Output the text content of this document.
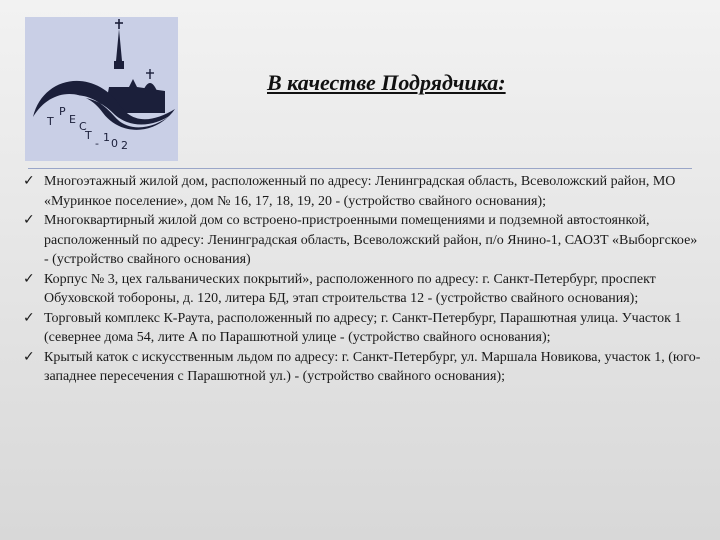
Т
Р
Е
С
Т
- 1 0 2
В качестве Подрядчика:
✓ Многоэтажный жилой дом, расположенный по адресу: Ленинградская область, Всеволожский район, МО «Муринкое поселение», дом № 16, 17, 18, 19, 20 - (устройство свайного основания);
✓ Многоквартирный жилой дом со встроено-пристроенными помещениями и подземной автостоянкой, расположенный по адресу: Ленинградская область, Всеволожский район, п/о Янино-1, САОЗТ «Выборгское» - (устройство свайного основания)
✓ Корпус № 3, цех гальванических покрытий», расположенного по адресу: г. Санкт-Петербург, проспект Обуховской тобороны, д. 120, литера БД, этап строительства 12 - (устройство свайного основания);
✓ Торговый комплекс К-Раута, расположенный по адресу; г. Санкт-Петербург, Парашютная улица. Участок 1 (севернее дома 54, лите А по Парашютной улице - (устройство свайного основания);
✓ Крытый каток с искусственным льдом по адресу: г. Санкт-Петербург, ул. Маршала Новикова, участок 1, (юго-западнее пересечения с Парашютной ул.) - (устройство свайного основания);
